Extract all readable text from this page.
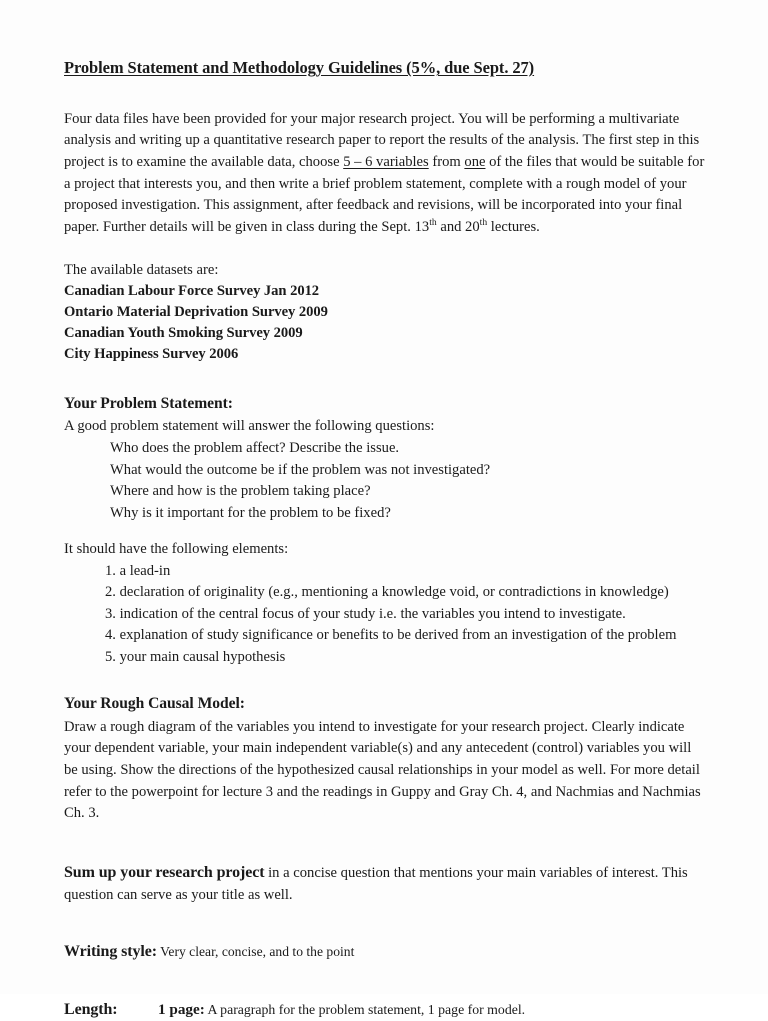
Problem Statement and Methodology Guidelines (5%, due Sept. 27)

Four data files have been provided for your major research project. You will be performing a multivariate analysis and writing up a quantitative research paper to report the results of the analysis. The first step in this project is to examine the available data, choose 5 – 6 variables from one of the files that would be suitable for a project that interests you, and then write a brief problem statement, complete with a rough model of your proposed investigation. This assignment, after feedback and revisions, will be incorporated into your final paper. Further details will be given in class during the Sept. 13th and 20th lectures.

The available datasets are:
Canadian Labour Force Survey Jan 2012
Ontario Material Deprivation Survey 2009
Canadian Youth Smoking Survey 2009
City Happiness Survey 2006
Your Problem Statement:
A good problem statement will answer the following questions:
Who does the problem affect? Describe the issue.
What would the outcome be if the problem was not investigated?
Where and how is the problem taking place?
Why is it important for the problem to be fixed?
It should have the following elements:
1. a lead-in
2. declaration of originality (e.g., mentioning a knowledge void, or contradictions in knowledge)
3. indication of the central focus of your study i.e. the variables you intend to investigate.
4. explanation of study significance or benefits to be derived from an investigation of the problem
5. your main causal hypothesis
Your Rough Causal Model:

Draw a rough diagram of the variables you intend to investigate for your research project. Clearly indicate your dependent variable, your main independent variable(s) and any antecedent (control) variables you will be using. Show the directions of the hypothesized causal relationships in your model as well. For more detail refer to the powerpoint for lecture 3 and the readings in Guppy and Gray Ch. 4, and Nachmias and Nachmias Ch. 3.

Sum up your research project in a concise question that mentions your main variables of interest. This question can serve as your title as well.

Writing style: Very clear, concise, and to the point

Length:	1 page: A paragraph for the problem statement, 1 page for model.
